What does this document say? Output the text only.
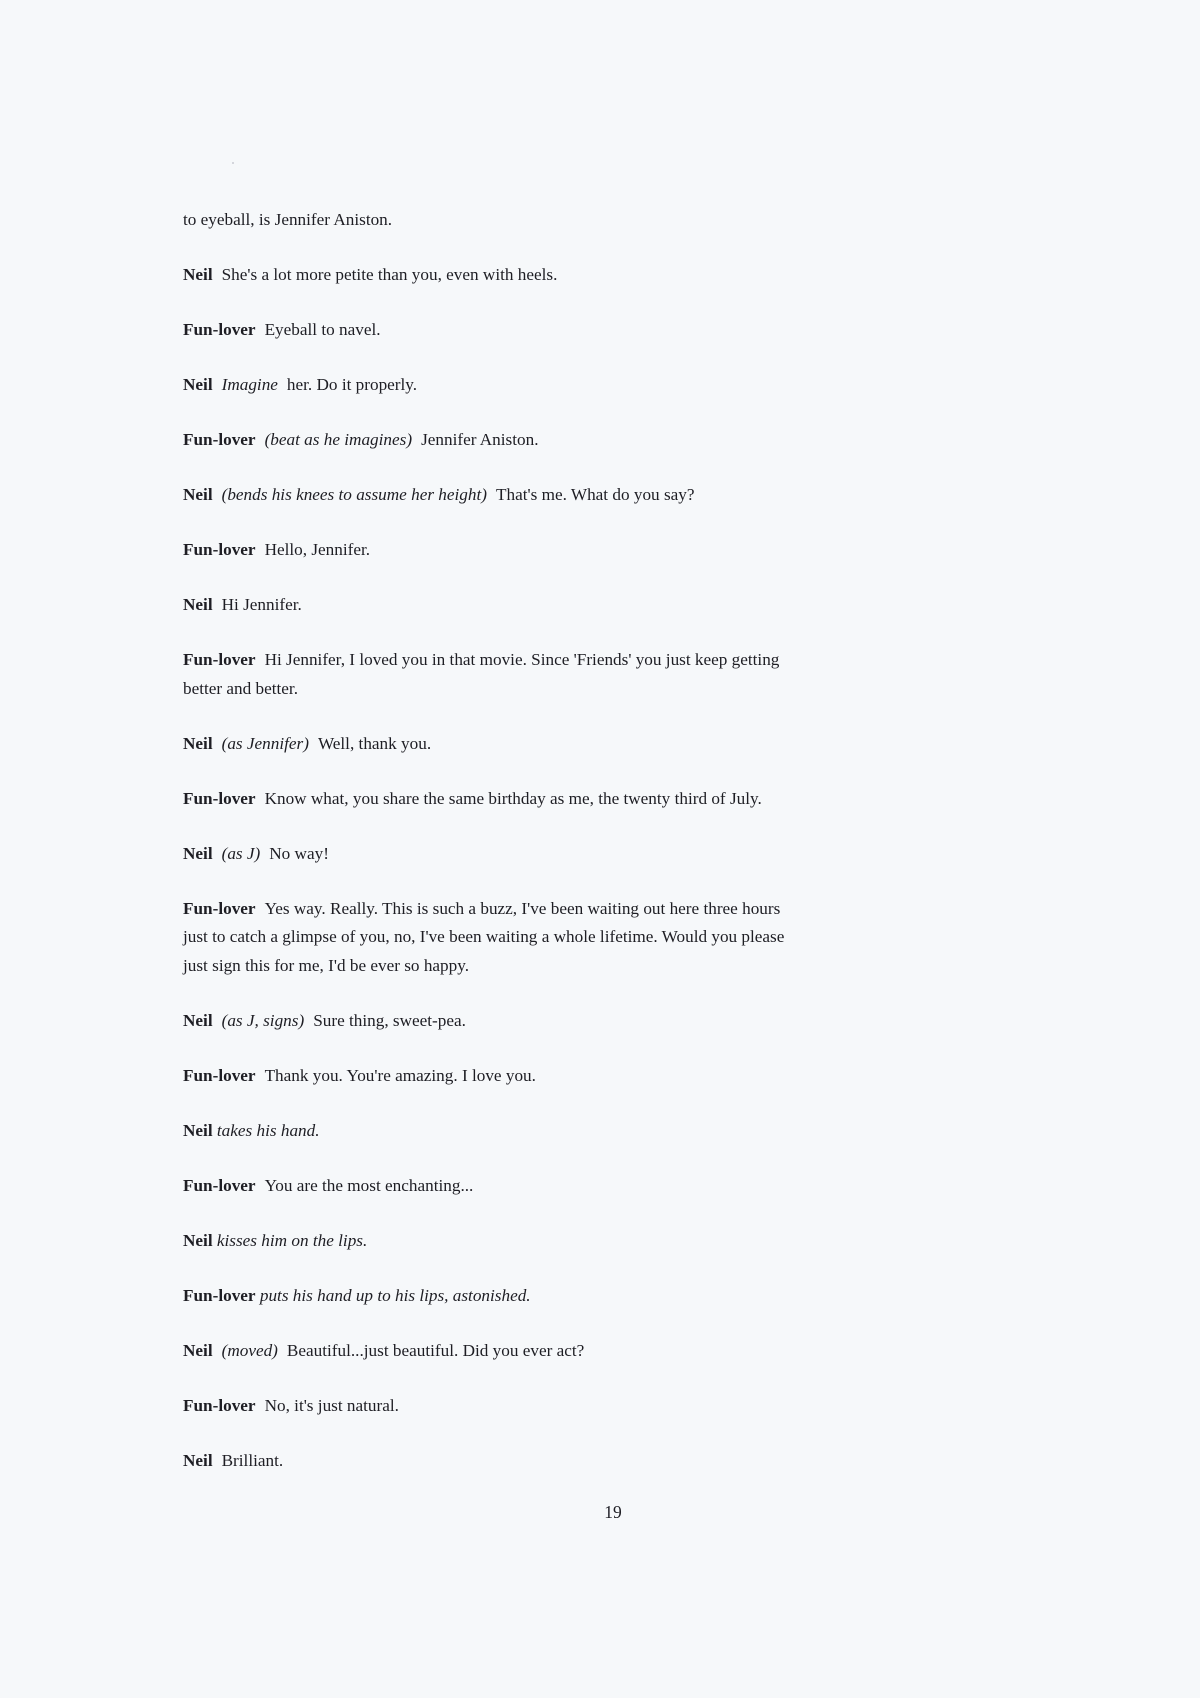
to eyeball, is Jennifer Aniston.

Neil She's a lot more petite than you, even with heels.

Fun-lover Eyeball to navel.

Neil Imagine her. Do it properly.

Fun-lover (beat as he imagines) Jennifer Aniston.

Neil (bends his knees to assume her height) That's me. What do you say?

Fun-lover Hello, Jennifer.

Neil Hi Jennifer.

Fun-lover Hi Jennifer, I loved you in that movie. Since 'Friends' you just keep getting

better and better.

Neil (as Jennifer) Well, thank you.

Fun-lover Know what, you share the same birthday as me, the twenty third of July.

Neil (as J) No way!

Fun-lover Yes way. Really. This is such a buzz, I've been waiting out here three hours

just to catch a glimpse of you, no, I've been waiting a whole lifetime. Would you please

just sign this for me, I'd be ever so happy.

Neil (as J, signs) Sure thing, sweet-pea.

Fun-lover Thank you. You're amazing. I love you.

Neil takes his hand.

Fun-lover You are the most enchanting...

Neil kisses him on the lips.

Fun-lover puts his hand up to his lips, astonished.

Neil (moved) Beautiful...just beautiful. Did you ever act?

Fun-lover No, it's just natural.

Neil Brilliant.

19
